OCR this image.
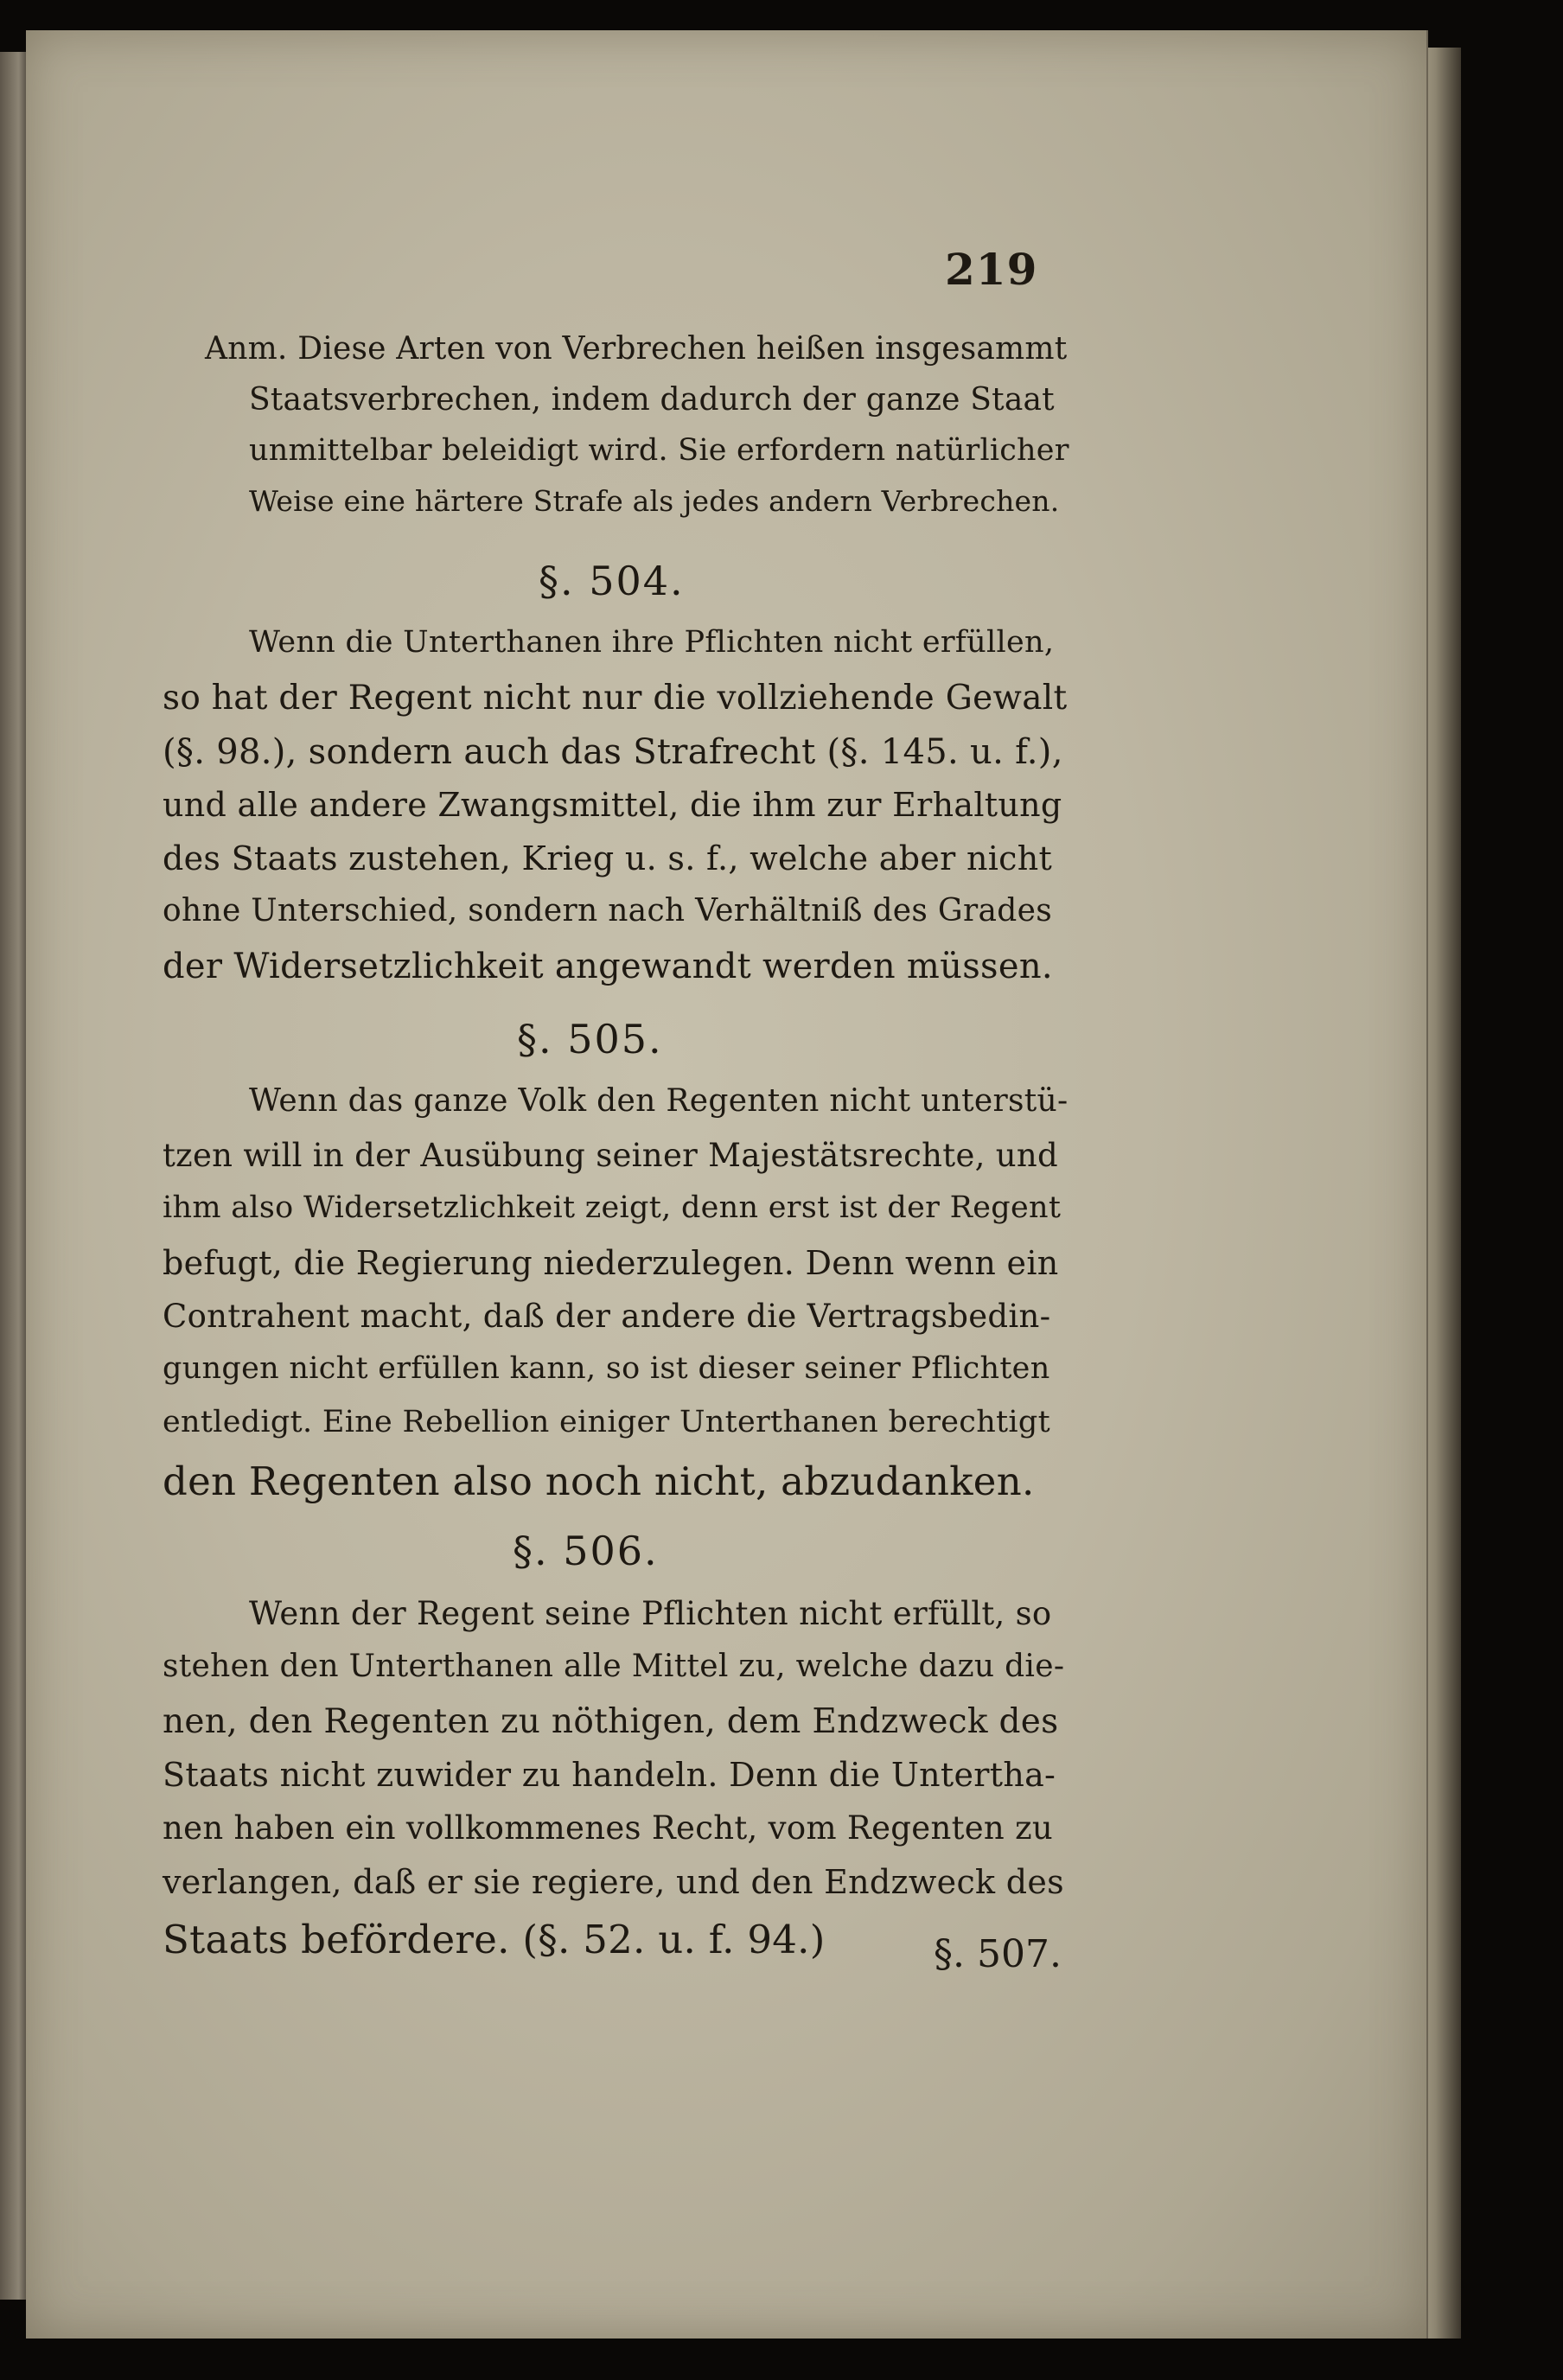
219
Anm. Diese Arten von Verbrechen heißen insgesammt
Staatsverbrechen, indem dadurch der ganze Staat
unmittelbar beleidigt wird. Sie erfordern natürlicher
Weise eine härtere Strafe als jedes andern Verbrechen.
§. 504.
Wenn die Unterthanen ihre Pflichten nicht erfüllen,
so hat der Regent nicht nur die vollziehende Gewalt
(§. 98.), sondern auch das Strafrecht (§. 145. u. f.),
und alle andere Zwangsmittel, die ihm zur Erhaltung
des Staats zustehen, Krieg u. s. f., welche aber nicht
ohne Unterschied, sondern nach Verhältniß des Grades
der Widersetzlichkeit angewandt werden müssen.
§. 505.
Wenn das ganze Volk den Regenten nicht unterstü-
tzen will in der Ausübung seiner Majestätsrechte, und
ihm also Widersetzlichkeit zeigt, denn erst ist der Regent
befugt, die Regierung niederzulegen. Denn wenn ein
Contrahent macht, daß der andere die Vertragsbedin-
gungen nicht erfüllen kann, so ist dieser seiner Pflichten
entledigt. Eine Rebellion einiger Unterthanen berechtigt
den Regenten also noch nicht, abzudanken.
§. 506.
Wenn der Regent seine Pflichten nicht erfüllt, so
stehen den Unterthanen alle Mittel zu, welche dazu die-
nen, den Regenten zu nöthigen, dem Endzweck des
Staats nicht zuwider zu handeln. Denn die Untertha-
nen haben ein vollkommenes Recht, vom Regenten zu
verlangen, daß er sie regiere, und den Endzweck des
Staats befördere. (§. 52. u. f. 94.)	§. 507.
